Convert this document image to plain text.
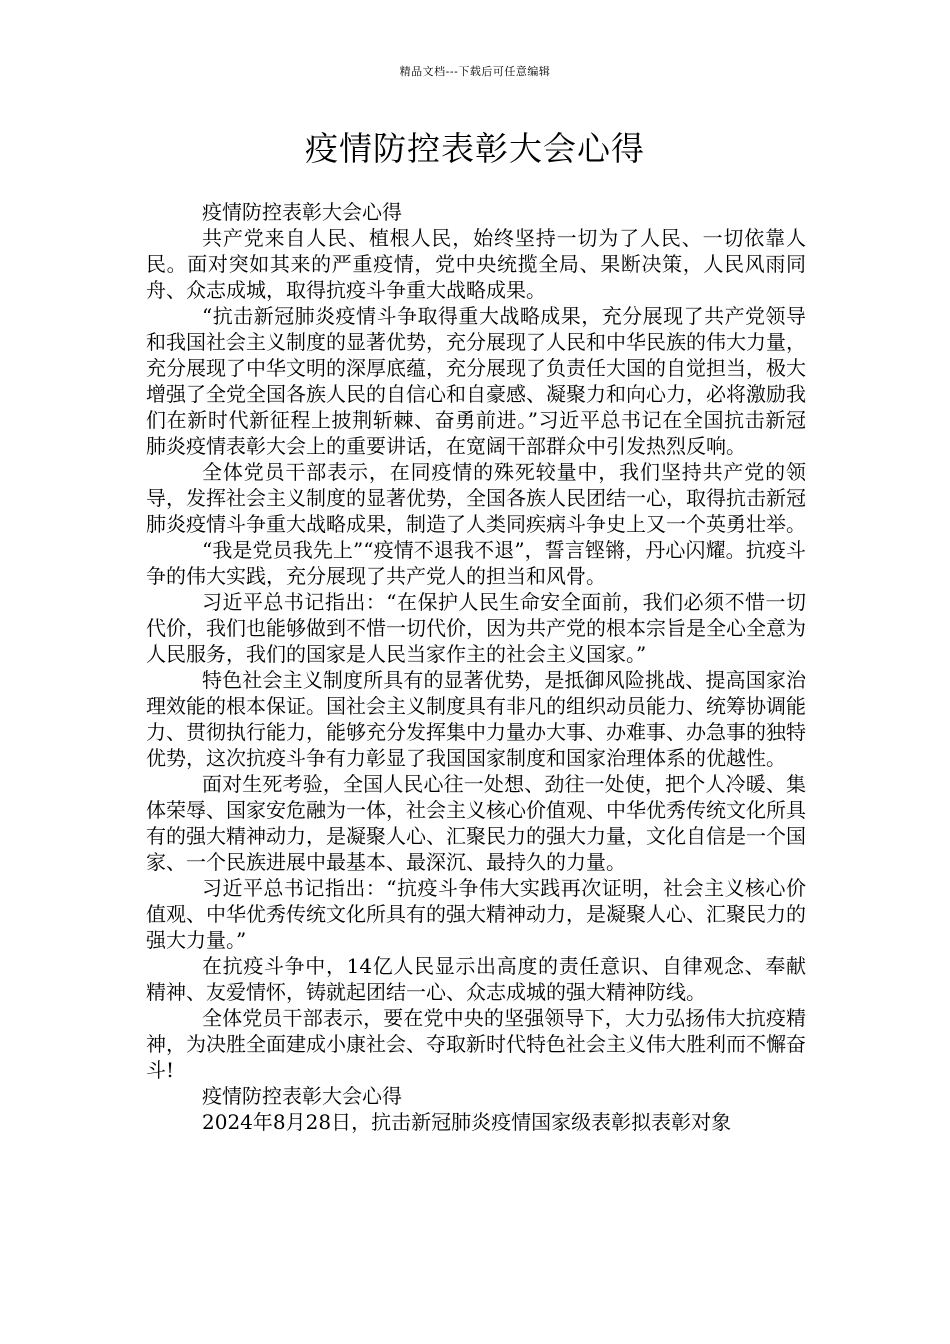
精品文档---下载后可任意编辑
疫情防控表彰大会心得

疫情防控表彰大会心得

共产党来自人民、植根人民，始终坚持一切为了人民、一切依靠人民。面对突如其来的严重疫情，党中央统揽全局、果断决策，人民风雨同舟、众志成城，取得抗疫斗争重大战略成果。

“抗击新冠肺炎疫情斗争取得重大战略成果，充分展现了共产党领导和我国社会主义制度的显著优势，充分展现了人民和中华民族的伟大力量，充分展现了中华文明的深厚底蕴，充分展现了负责任大国的自觉担当，极大增强了全党全国各族人民的自信心和自豪感、凝聚力和向心力，必将激励我们在新时代新征程上披荆斩棘、奋勇前进。”习近平总书记在全国抗击新冠肺炎疫情表彰大会上的重要讲话，在宽阔干部群众中引发热烈反响。

全体党员干部表示，在同疫情的殊死较量中，我们坚持共产党的领导，发挥社会主义制度的显著优势，全国各族人民团结一心，取得抗击新冠肺炎疫情斗争重大战略成果，制造了人类同疾病斗争史上又一个英勇壮举。

“我是党员我先上”“疫情不退我不退”，誓言铿锵，丹心闪耀。抗疫斗争的伟大实践，充分展现了共产党人的担当和风骨。

习近平总书记指出：“在保护人民生命安全面前，我们必须不惜一切代价，我们也能够做到不惜一切代价，因为共产党的根本宗旨是全心全意为人民服务，我们的国家是人民当家作主的社会主义国家。”

特色社会主义制度所具有的显著优势，是抵御风险挑战、提高国家治理效能的根本保证。国社会主义制度具有非凡的组织动员能力、统筹协调能力、贯彻执行能力，能够充分发挥集中力量办大事、办难事、办急事的独特优势，这次抗疫斗争有力彰显了我国国家制度和国家治理体系的优越性。

面对生死考验，全国人民心往一处想、劲往一处使，把个人冷暖、集体荣辱、国家安危融为一体，社会主义核心价值观、中华优秀传统文化所具有的强大精神动力，是凝聚人心、汇聚民力的强大力量，文化自信是一个国家、一个民族进展中最基本、最深沉、最持久的力量。

习近平总书记指出：“抗疫斗争伟大实践再次证明，社会主义核心价值观、中华优秀传统文化所具有的强大精神动力，是凝聚人心、汇聚民力的强大力量。”

在抗疫斗争中，14亿人民显示出高度的责任意识、自律观念、奉献精神、友爱情怀，铸就起团结一心、众志成城的强大精神防线。

全体党员干部表示，要在党中央的坚强领导下，大力弘扬伟大抗疫精神，为决胜全面建成小康社会、夺取新时代特色社会主义伟大胜利而不懈奋斗!

疫情防控表彰大会心得

2024年8月28日，抗击新冠肺炎疫情国家级表彰拟表彰对象
